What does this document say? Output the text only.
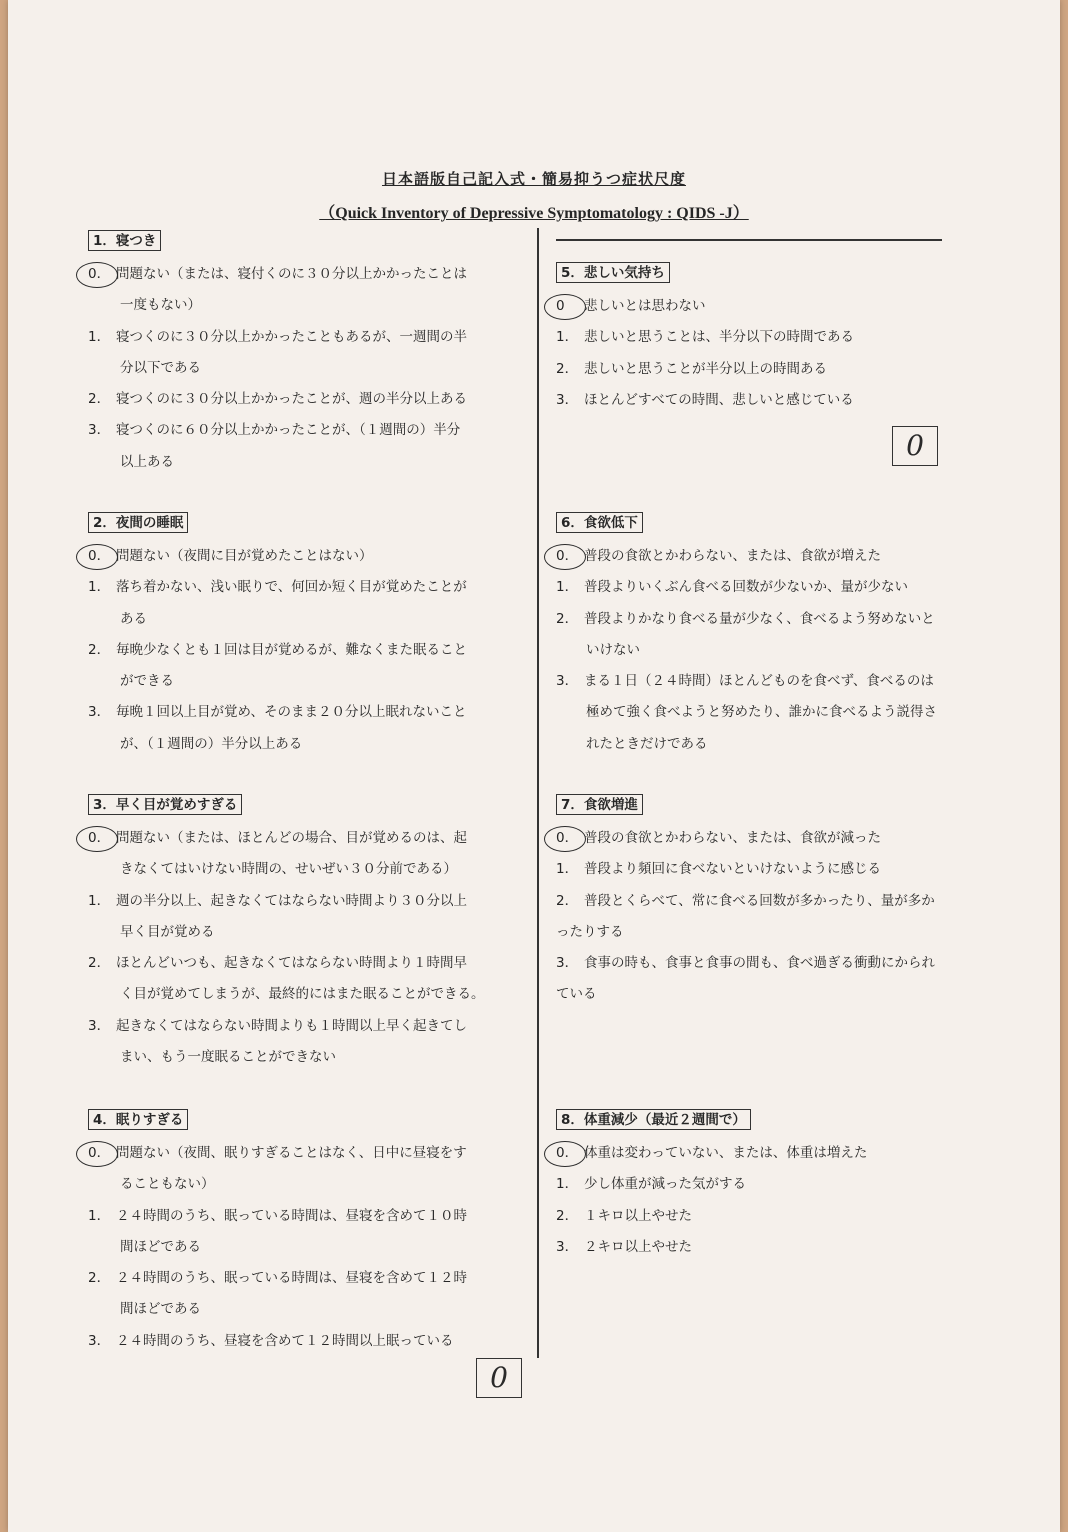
日本語版自己記入式・簡易抑うつ症状尺度
（Quick Inventory of Depressive Symptomatology : QIDS -J）
1．寝つき
0． 問題ない（または、寝付くのに３０分以上かかったことは
一度もない）
1． 寝つくのに３０分以上かかったこともあるが、一週間の半
分以下である
2． 寝つくのに３０分以上かかったことが、週の半分以上ある
3． 寝つくのに６０分以上かかったことが、（１週間の）半分
以上ある
2．夜間の睡眠
0． 問題ない（夜間に目が覚めたことはない）
1． 落ち着かない、浅い眠りで、何回か短く目が覚めたことが
ある
2． 毎晩少なくとも１回は目が覚めるが、難なくまた眠ること
ができる
3． 毎晩１回以上目が覚め、そのまま２０分以上眠れないこと
が、（１週間の）半分以上ある
3．早く目が覚めすぎる
0． 問題ない（または、ほとんどの場合、目が覚めるのは、起
きなくてはいけない時間の、せいぜい３０分前である）
1． 週の半分以上、起きなくてはならない時間より３０分以上
早く目が覚める
2． ほとんどいつも、起きなくてはならない時間より１時間早
く目が覚めてしまうが、最終的にはまた眠ることができる。
3． 起きなくてはならない時間よりも１時間以上早く起きてし
まい、もう一度眠ることができない
4．眠りすぎる
0． 問題ない（夜間、眠りすぎることはなく、日中に昼寝をす
ることもない）
1． ２４時間のうち、眠っている時間は、昼寝を含めて１０時
間ほどである
2． ２４時間のうち、眠っている時間は、昼寝を含めて１２時
間ほどである
3． ２４時間のうち、昼寝を含めて１２時間以上眠っている
5．悲しい気持ち
0 悲しいとは思わない
1． 悲しいと思うことは、半分以下の時間である
2． 悲しいと思うことが半分以上の時間ある
3． ほとんどすべての時間、悲しいと感じている
0
6．食欲低下
0． 普段の食欲とかわらない、または、食欲が増えた
1． 普段よりいくぶん食べる回数が少ないか、量が少ない
2． 普段よりかなり食べる量が少なく、食べるよう努めないと
いけない
3． まる１日（２４時間）ほとんどものを食べず、食べるのは
極めて強く食べようと努めたり、誰かに食べるよう説得さ
れたときだけである
7．食欲増進
0． 普段の食欲とかわらない、または、食欲が減った
1． 普段より頻回に食べないといけないように感じる
2． 普段とくらべて、常に食べる回数が多かったり、量が多か
ったりする
3． 食事の時も、食事と食事の間も、食べ過ぎる衝動にかられ
ている
8．体重減少（最近２週間で）
0． 体重は変わっていない、または、体重は増えた
1． 少し体重が減った気がする
2． １キロ以上やせた
3． ２キロ以上やせた
0
